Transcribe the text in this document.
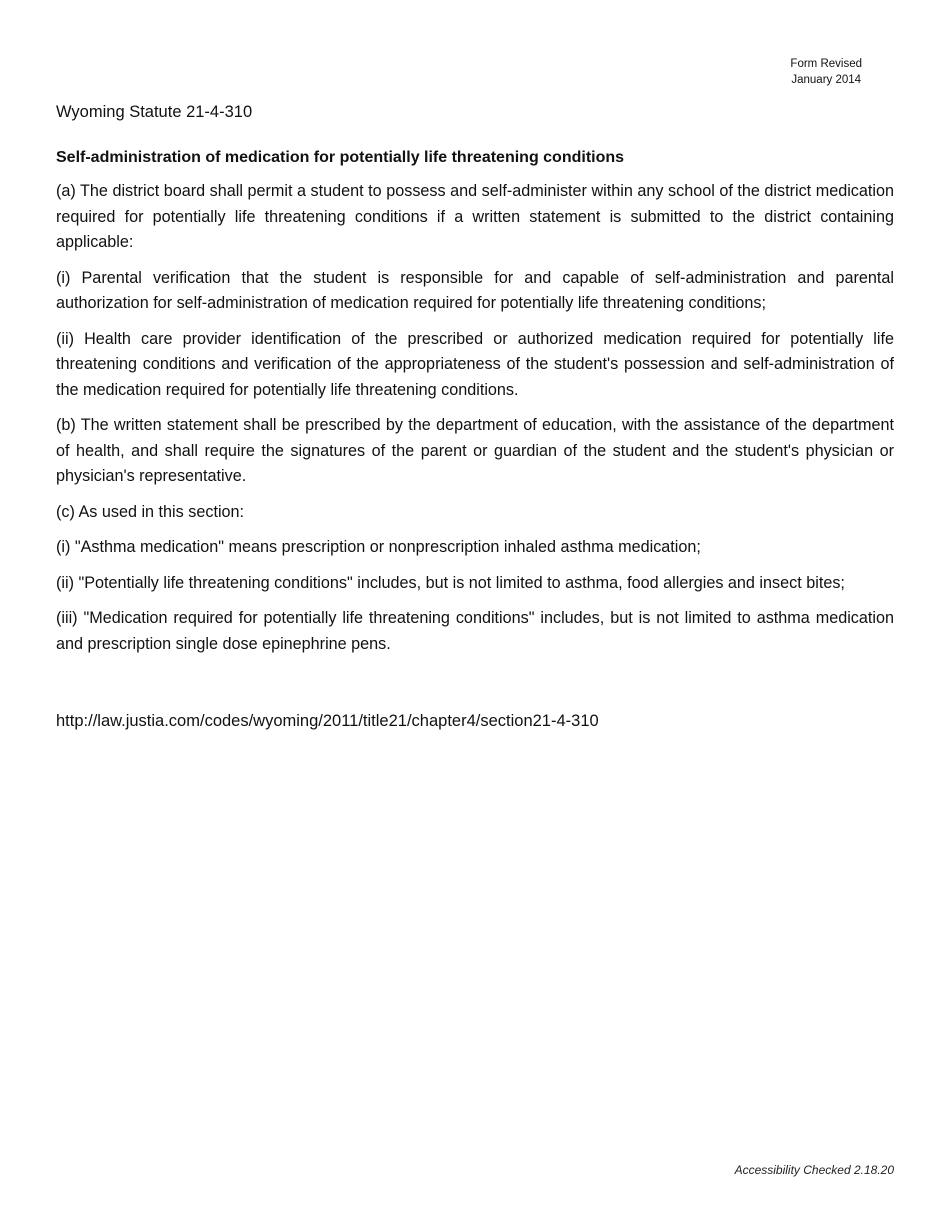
Form Revised
January 2014
Wyoming Statute 21-4-310
Self-administration of medication for potentially life threatening conditions

(a) The district board shall permit a student to possess and self-administer within any school of the district medication required for potentially life threatening conditions if a written statement is submitted to the district containing applicable:

(i) Parental verification that the student is responsible for and capable of self-administration and parental authorization for self-administration of medication required for potentially life threatening conditions;

(ii) Health care provider identification of the prescribed or authorized medication required for potentially life threatening conditions and verification of the appropriateness of the student's possession and self-administration of the medication required for potentially life threatening conditions.

(b) The written statement shall be prescribed by the department of education, with the assistance of the department of health, and shall require the signatures of the parent or guardian of the student and the student's physician or physician's representative.

(c) As used in this section:

(i) "Asthma medication" means prescription or nonprescription inhaled asthma medication;

(ii) "Potentially life threatening conditions" includes, but is not limited to asthma, food allergies and insect bites;

(iii) "Medication required for potentially life threatening conditions" includes, but is not limited to asthma medication and prescription single dose epinephrine pens.

http://law.justia.com/codes/wyoming/2011/title21/chapter4/section21-4-310
Accessibility Checked 2.18.20
